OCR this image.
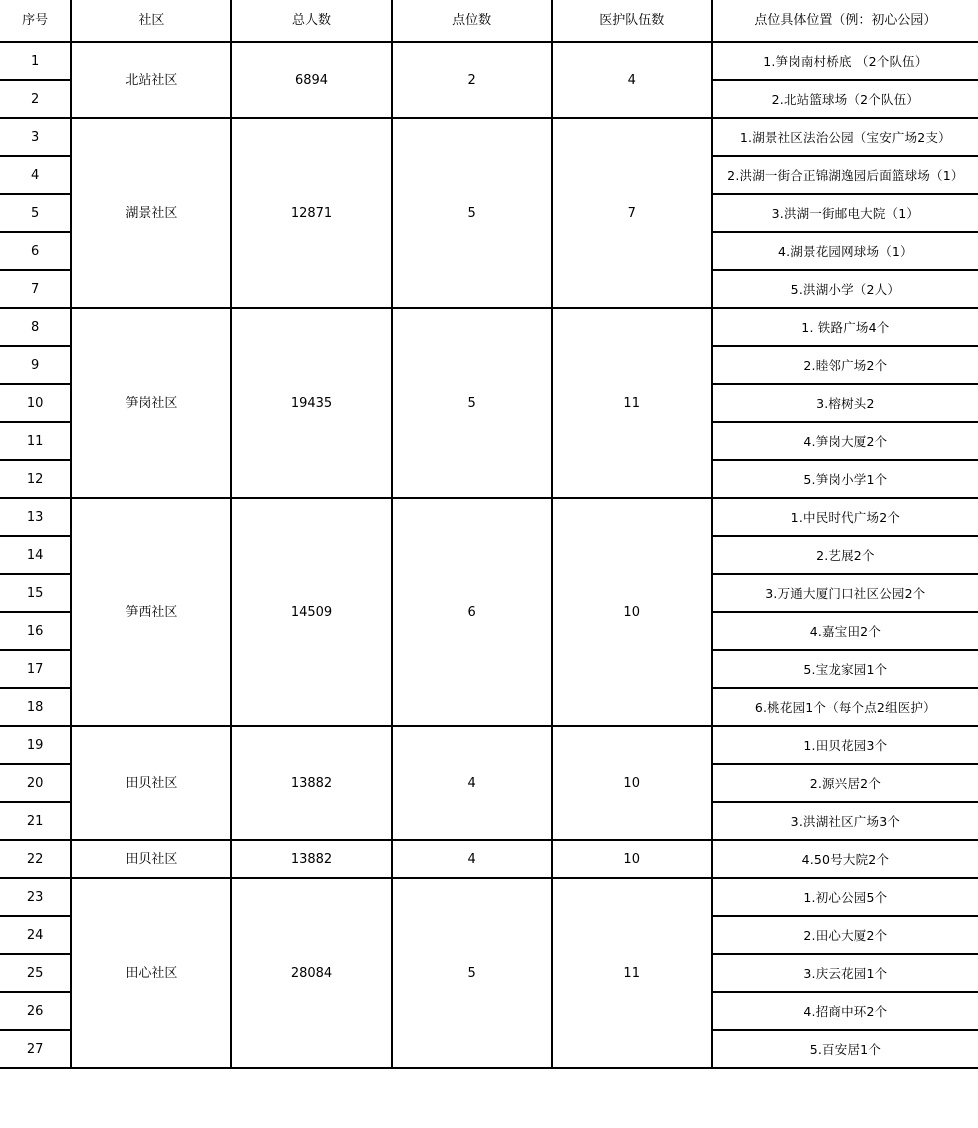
序号	社区	总人数	点位数	医护队伍数	点位具体位置（例：初心公园）
1	北站社区	6894	2	4	1.笋岗南村桥底 （2个队伍）
2					2.北站篮球场（2个队伍）
3	湖景社区	12871	5	7	1.湖景社区法治公园（宝安广场2支）
4					2.洪湖一街合正锦湖逸园后面篮球场（1）
5					3.洪湖一街邮电大院（1）
6					4.湖景花园网球场（1）
7					5.洪湖小学（2人）
8	笋岗社区	19435	5	11	1. 铁路广场4个
9					2.睦邻广场2个
10					3.榕树头2
11					4.笋岗大厦2个
12					5.笋岗小学1个
13	笋西社区	14509	6	10	1.中民时代广场2个
14					2.艺展2个
15					3.万通大厦门口社区公园2个
16					4.嘉宝田2个
17					5.宝龙家园1个
18					6.桃花园1个（每个点2组医护）
19	田贝社区	13882	4	10	1.田贝花园3个
20					2.源兴居2个
21					3.洪湖社区广场3个
22	田贝社区	13882	4	10	4.50号大院2个
23	田心社区	28084	5	11	1.初心公园5个
24					2.田心大厦2个
25					3.庆云花园1个
26					4.招商中环2个
27					5.百安居1个
